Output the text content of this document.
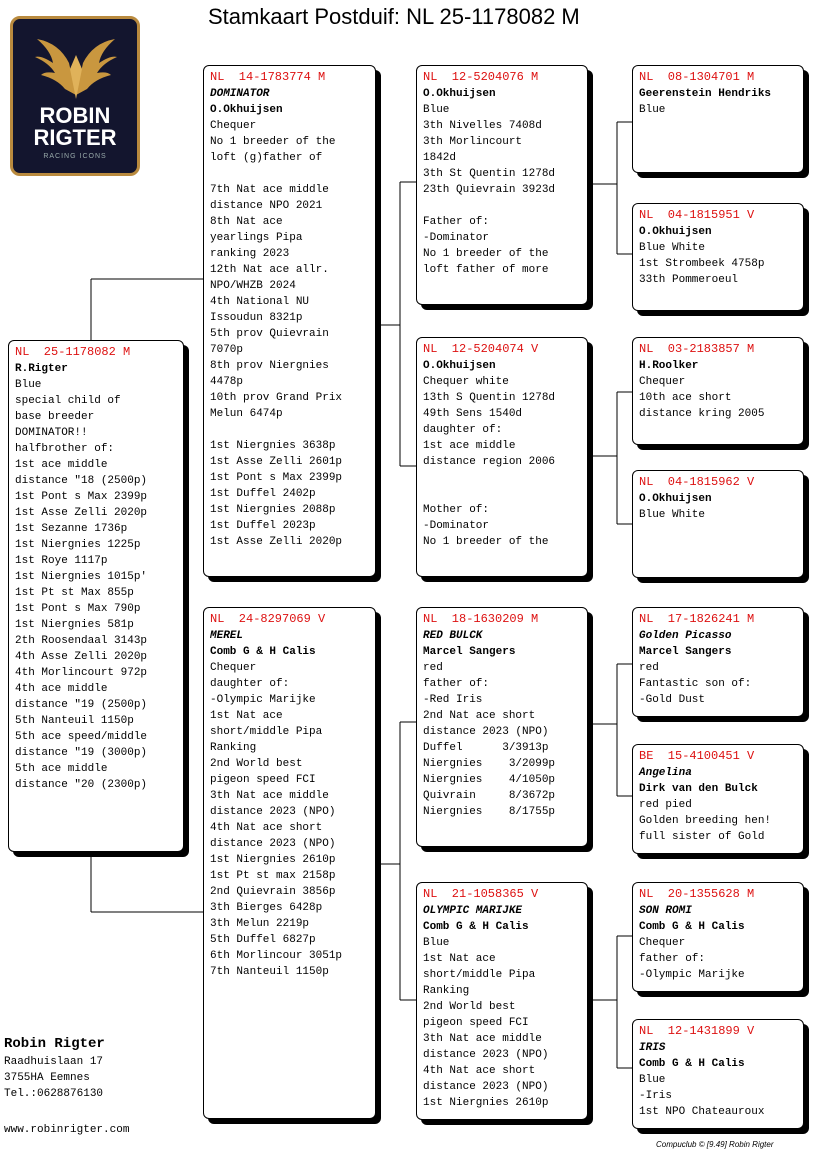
Stamkaart Postduif: NL 25-1178082 M
ROBIN
RIGTER
RACING ICONS
NL  25-1178082 M
R.Rigter
Blue
special child of
base breeder
DOMINATOR!!
halfbrother of:
1st ace middle
distance "18 (2500p)
1st Pont s Max 2399p
1st Asse Zelli 2020p
1st Sezanne 1736p
1st Niergnies 1225p
1st Roye 1117p
1st Niergnies 1015p'
1st Pt st Max 855p
1st Pont s Max 790p
1st Niergnies 581p
2th Roosendaal 3143p
4th Asse Zelli 2020p
4th Morlincourt 972p
4th ace middle
distance "19 (2500p)
5th Nanteuil 1150p
5th ace speed/middle
distance "19 (3000p)
5th ace middle
distance "20 (2300p)
NL  14-1783774 M
DOMINATOR
O.Okhuijsen
Chequer
No 1 breeder of the
loft (g)father of
7th Nat ace middle
distance NPO 2021
8th Nat ace
yearlings Pipa
ranking 2023
12th Nat ace allr.
NPO/WHZB 2024
4th National NU
Issoudun 8321p
5th prov Quievrain
7070p
8th prov Niergnies
4478p
10th prov Grand Prix
Melun 6474p
1st Niergnies 3638p
1st Asse Zelli 2601p
1st Pont s Max 2399p
1st Duffel 2402p
1st Niergnies 2088p
1st Duffel 2023p
1st Asse Zelli 2020p
NL  24-8297069 V
MEREL
Comb G & H Calis
Chequer
daughter of:
-Olympic Marijke
1st Nat ace
short/middle Pipa
Ranking
2nd World best
pigeon speed FCI
3th Nat ace middle
distance 2023 (NPO)
4th Nat ace short
distance 2023 (NPO)
1st Niergnies 2610p
1st Pt st max 2158p
2nd Quievrain 3856p
3th Bierges 6428p
3th Melun 2219p
5th Duffel 6827p
6th Morlincour 3051p
7th Nanteuil 1150p
NL  12-5204076 M
O.Okhuijsen
Blue
3th Nivelles 7408d
3th Morlincourt
1842d
3th St Quentin 1278d
23th Quievrain 3923d
Father of:
-Dominator
No 1 breeder of the
loft father of more
NL  12-5204074 V
O.Okhuijsen
Chequer white
13th S Quentin 1278d
49th Sens 1540d
daughter of:
1st ace middle
distance region 2006
Mother of:
-Dominator
No 1 breeder of the
NL  18-1630209 M
RED BULCK
Marcel Sangers
red
father of:
-Red Iris
2nd Nat ace short
distance 2023 (NPO)
Duffel      3/3913p
Niergnies    3/2099p
Niergnies    4/1050p
Quivrain     8/3672p
Niergnies    8/1755p
NL  21-1058365 V
OLYMPIC MARIJKE
Comb G & H Calis
Blue
1st Nat ace
short/middle Pipa
Ranking
2nd World best
pigeon speed FCI
3th Nat ace middle
distance 2023 (NPO)
4th Nat ace short
distance 2023 (NPO)
1st Niergnies 2610p
NL  08-1304701 M
Geerenstein Hendriks
Blue
NL  04-1815951 V
O.Okhuijsen
Blue White
1st Strombeek 4758p
33th Pommeroeul
NL  03-2183857 M
H.Roolker
Chequer
10th ace short
distance kring 2005
NL  04-1815962 V
O.Okhuijsen
Blue White
NL  17-1826241 M
Golden Picasso
Marcel Sangers
red
Fantastic son of:
-Gold Dust
BE  15-4100451 V
Angelina
Dirk van den Bulck
red pied
Golden breeding hen!
full sister of Gold
NL  20-1355628 M
SON ROMI
Comb G & H Calis
Chequer
father of:
-Olympic Marijke
NL  12-1431899 V
IRIS
Comb G & H Calis
Blue
-Iris
1st NPO Chateauroux
Robin Rigter
Raadhuislaan 17
3755HA Eemnes
Tel.:0628876130
www.robinrigter.com
Compuclub © [9.49] Robin Rigter
